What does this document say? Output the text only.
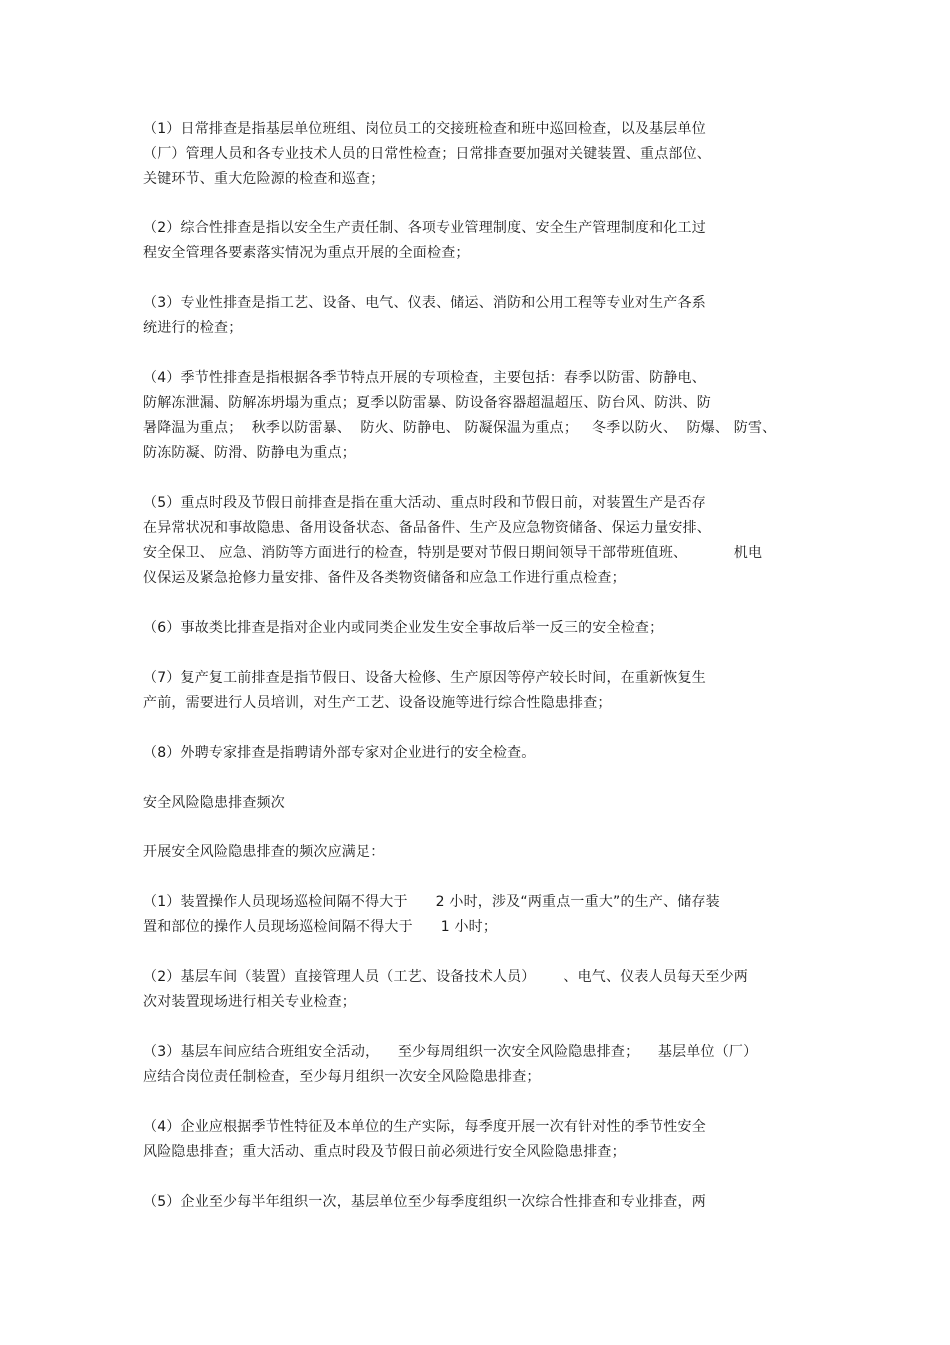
（1）日常排查是指基层单位班组、岗位员工的交接班检查和班中巡回检查，以及基层单位
（厂）管理人员和各专业技术人员的日常性检查；日常排查要加强对关键装置、重点部位、
关键环节、重大危险源的检查和巡查；
（2）综合性排查是指以安全生产责任制、各项专业管理制度、安全生产管理制度和化工过
程安全管理各要素落实情况为重点开展的全面检查；
（3）专业性排查是指工艺、设备、电气、仪表、储运、消防和公用工程等专业对生产各系
统进行的检查；
（4）季节性排查是指根据各季节特点开展的专项检查，主要包括：春季以防雷、防静电、
防解冻泄漏、防解冻坍塌为重点；夏季以防雷暴、防设备容器超温超压、防台风、防洪、防
暑降温为重点；  秋季以防雷暴、  防火、防静电、 防凝保温为重点；   冬季以防火、  防爆、 防雪、
防冻防凝、防滑、防静电为重点；
（5）重点时段及节假日前排查是指在重大活动、重点时段和节假日前，对装置生产是否存
在异常状况和事故隐患、备用设备状态、备品备件、生产及应急物资储备、保运力量安排、
安全保卫、 应急、消防等方面进行的检查，特别是要对节假日期间领导干部带班值班、          机电
仪保运及紧急抢修力量安排、备件及各类物资储备和应急工作进行重点检查；
（6）事故类比排查是指对企业内或同类企业发生安全事故后举一反三的安全检查；
（7）复产复工前排查是指节假日、设备大检修、生产原因等停产较长时间，在重新恢复生
产前，需要进行人员培训，对生产工艺、设备设施等进行综合性隐患排查；
（8）外聘专家排查是指聘请外部专家对企业进行的安全检查。
安全风险隐患排查频次
开展安全风险隐患排查的频次应满足：
（1）装置操作人员现场巡检间隔不得大于      2 小时，涉及“两重点一重大”的生产、储存装
置和部位的操作人员现场巡检间隔不得大于      1 小时；
（2）基层车间（装置）直接管理人员（工艺、设备技术人员）      、电气、仪表人员每天至少两
次对装置现场进行相关专业检查；
（3）基层车间应结合班组安全活动，    至少每周组织一次安全风险隐患排查；    基层单位（厂）
应结合岗位责任制检查，至少每月组织一次安全风险隐患排查；
（4）企业应根据季节性特征及本单位的生产实际，每季度开展一次有针对性的季节性安全
风险隐患排查；重大活动、重点时段及节假日前必须进行安全风险隐患排查；
（5）企业至少每半年组织一次，基层单位至少每季度组织一次综合性排查和专业排查，两
